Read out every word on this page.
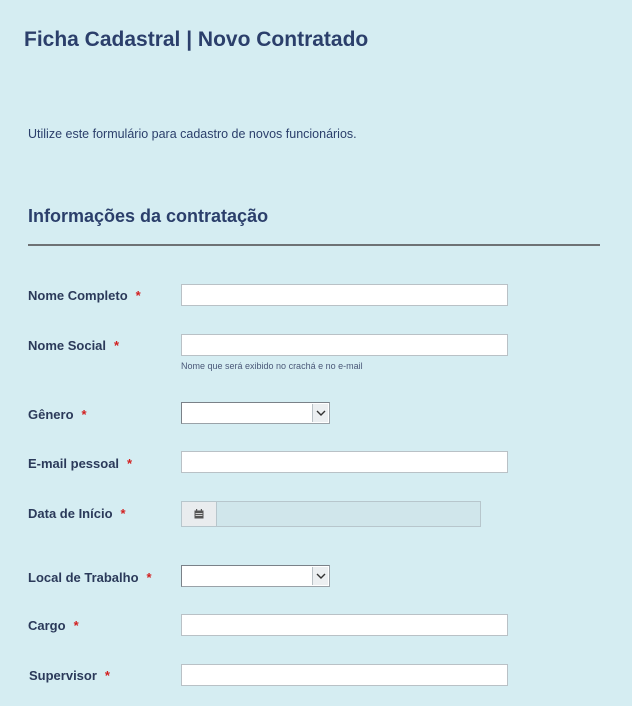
Ficha Cadastral | Novo Contratado
Utilize este formulário para cadastro de novos funcionários.
Informações da contratação
Nome Completo *
Nome Social *
Nome que será exibido no crachá e no e-mail
Gênero *
E-mail pessoal *
Data de Início *
Local de Trabalho *
Cargo *
Supervisor *
